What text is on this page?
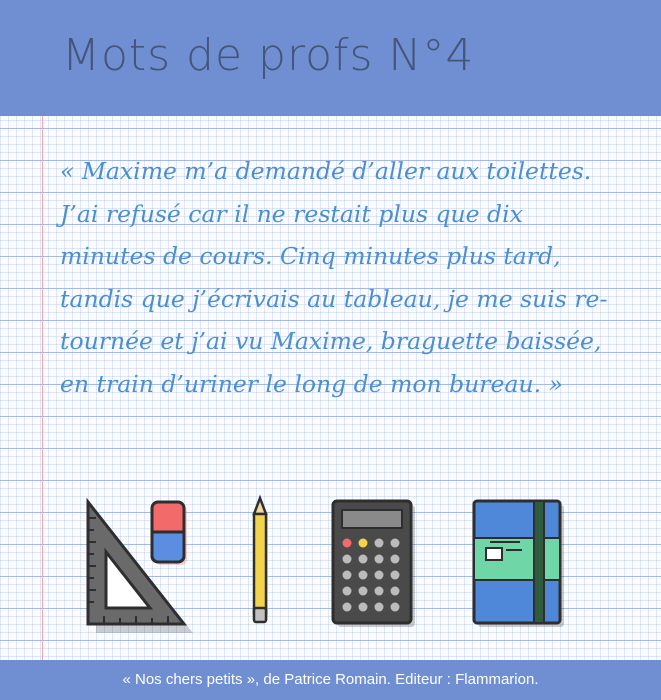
Mots de profs N°4
« Maxime m’a demandé d’aller aux toilettes.
J’ai refusé car il ne restait plus que dix
minutes de cours. Cinq minutes plus tard,
tandis que j’écrivais au tableau, je me suis re-
tournée et j’ai vu Maxime, braguette baissée,
en train d’uriner le long de mon bureau. »
« Nos chers petits », de Patrice Romain. Editeur : Flammarion.
